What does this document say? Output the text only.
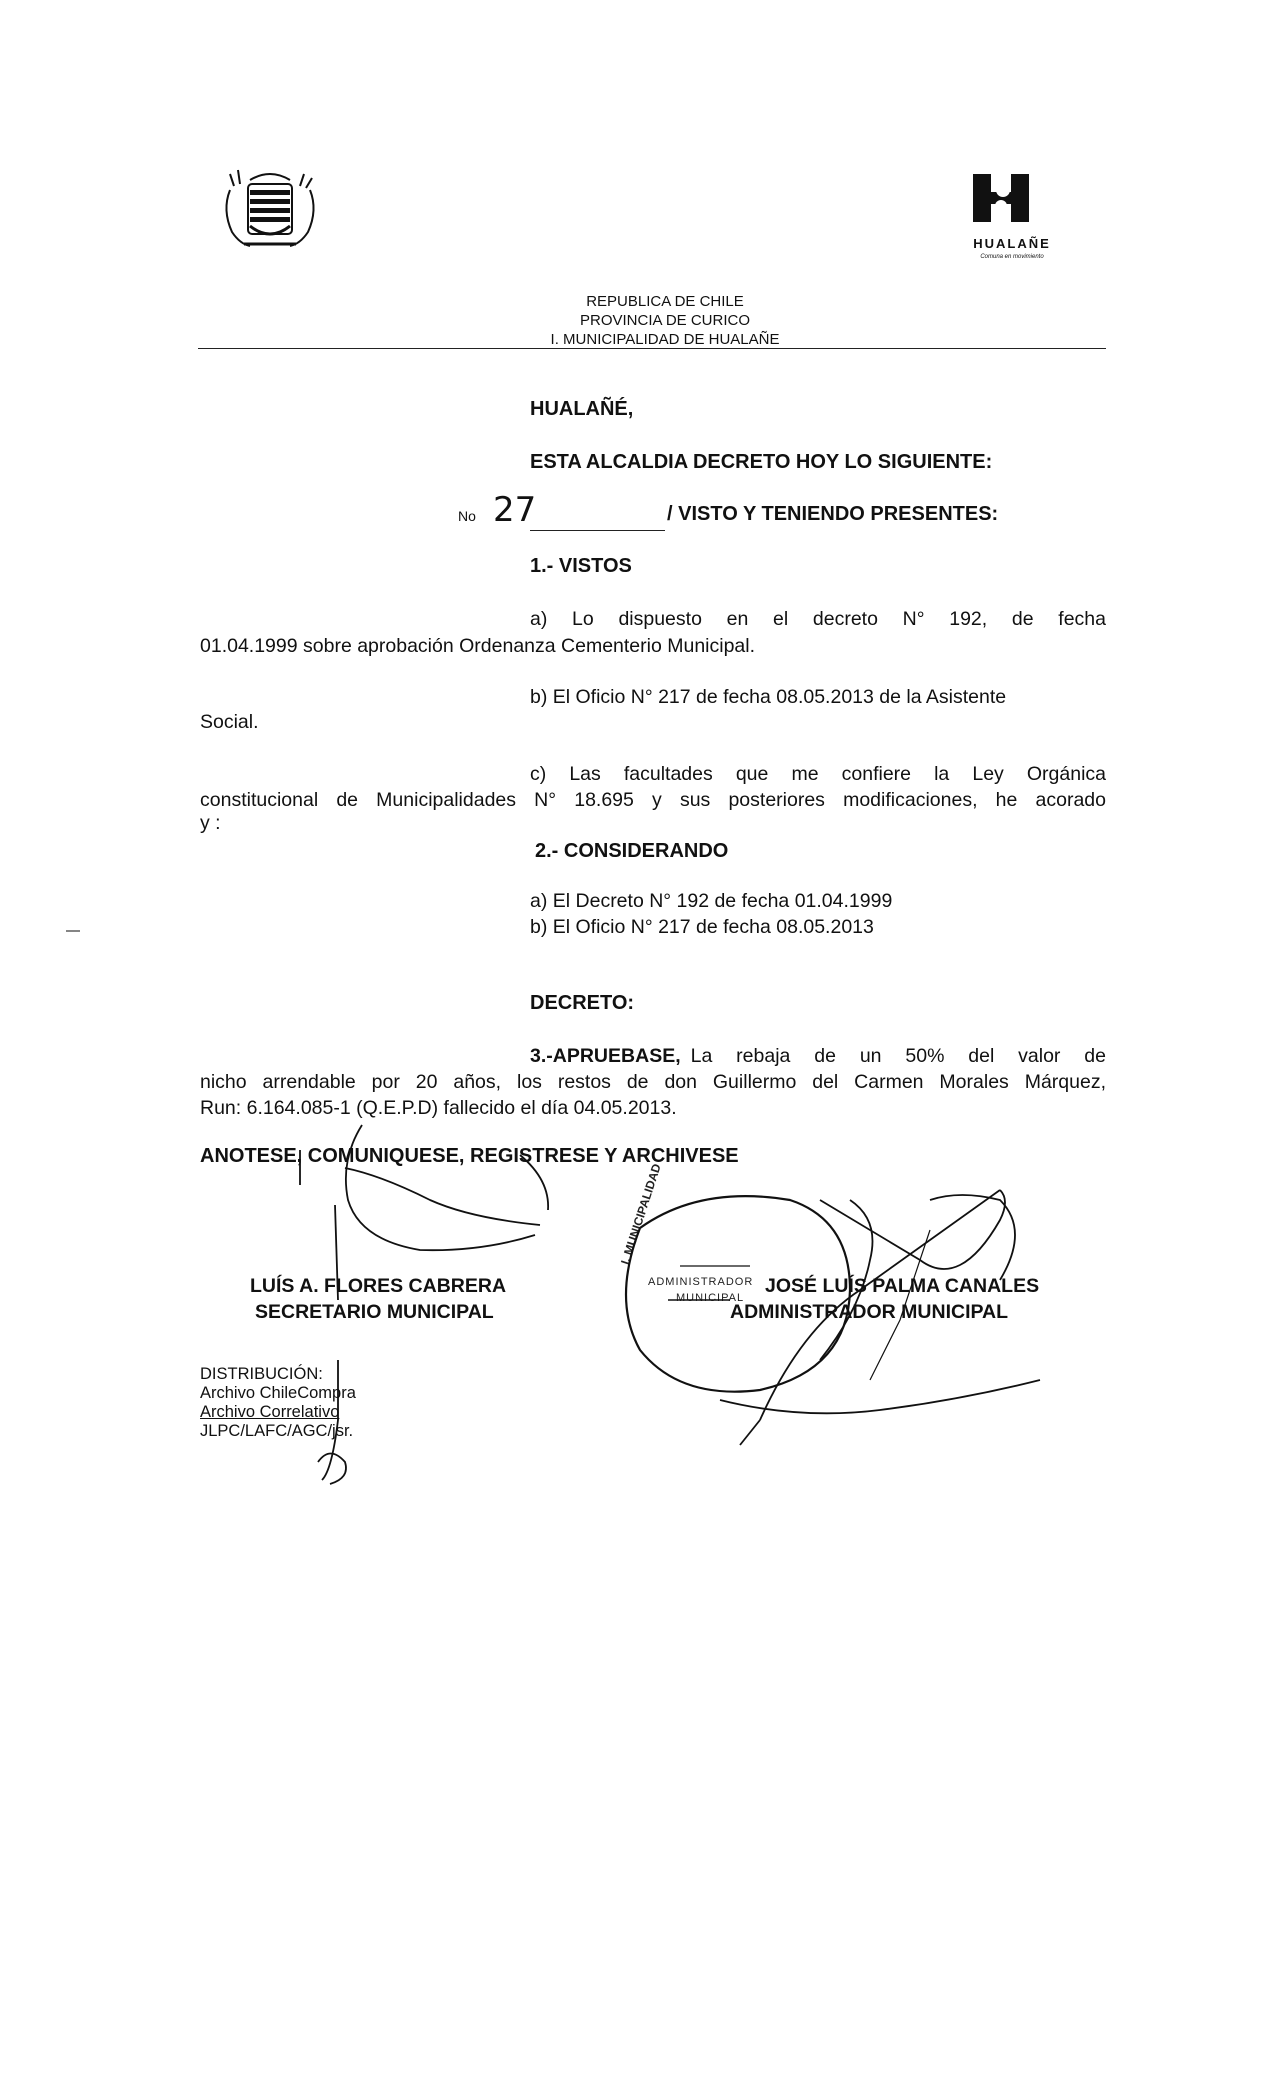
HUALAÑE
Comuna en movimiento
REPUBLICA DE CHILE
PROVINCIA DE CURICO
I. MUNICIPALIDAD DE HUALAÑE
HUALAÑÉ,
ESTA ALCALDIA DECRETO HOY LO SIGUIENTE:
No 27	/ VISTO Y TENIENDO PRESENTES:
1.- VISTOS
a) Lo dispuesto en el decreto N° 192, de fecha
01.04.1999 sobre aprobación Ordenanza Cementerio Municipal.
b) El Oficio N° 217 de fecha 08.05.2013 de la Asistente
Social.
c) Las facultades que me confiere la Ley Orgánica
constitucional de Municipalidades N° 18.695 y sus posteriores modificaciones, he acorado
y :
2.- CONSIDERANDO
a) El Decreto N° 192 de fecha 01.04.1999
b) El Oficio N° 217 de fecha 08.05.2013
DECRETO:
3.- APRUEBASE, La rebaja de un 50% del valor de
nicho arrendable por 20 años, los restos de don Guillermo del Carmen Morales Márquez,
Run: 6.164.085-1 (Q.E.P.D) fallecido el día 04.05.2013.
ANOTESE, COMUNIQUESE, REGISTRESE Y ARCHIVESE
LUÍS A. FLORES CABRERA
SECRETARIO MUNICIPAL
JOSÉ LUÍS PALMA CANALES
ADMINISTRADOR MUNICIPAL
ADMINISTRADOR
MUNICIPAL
I. MUNICIPALIDAD
DISTRIBUCIÓN:
Archivo ChileCompra
Archivo Correlativo
JLPC/LAFC/AGC/jsr.
